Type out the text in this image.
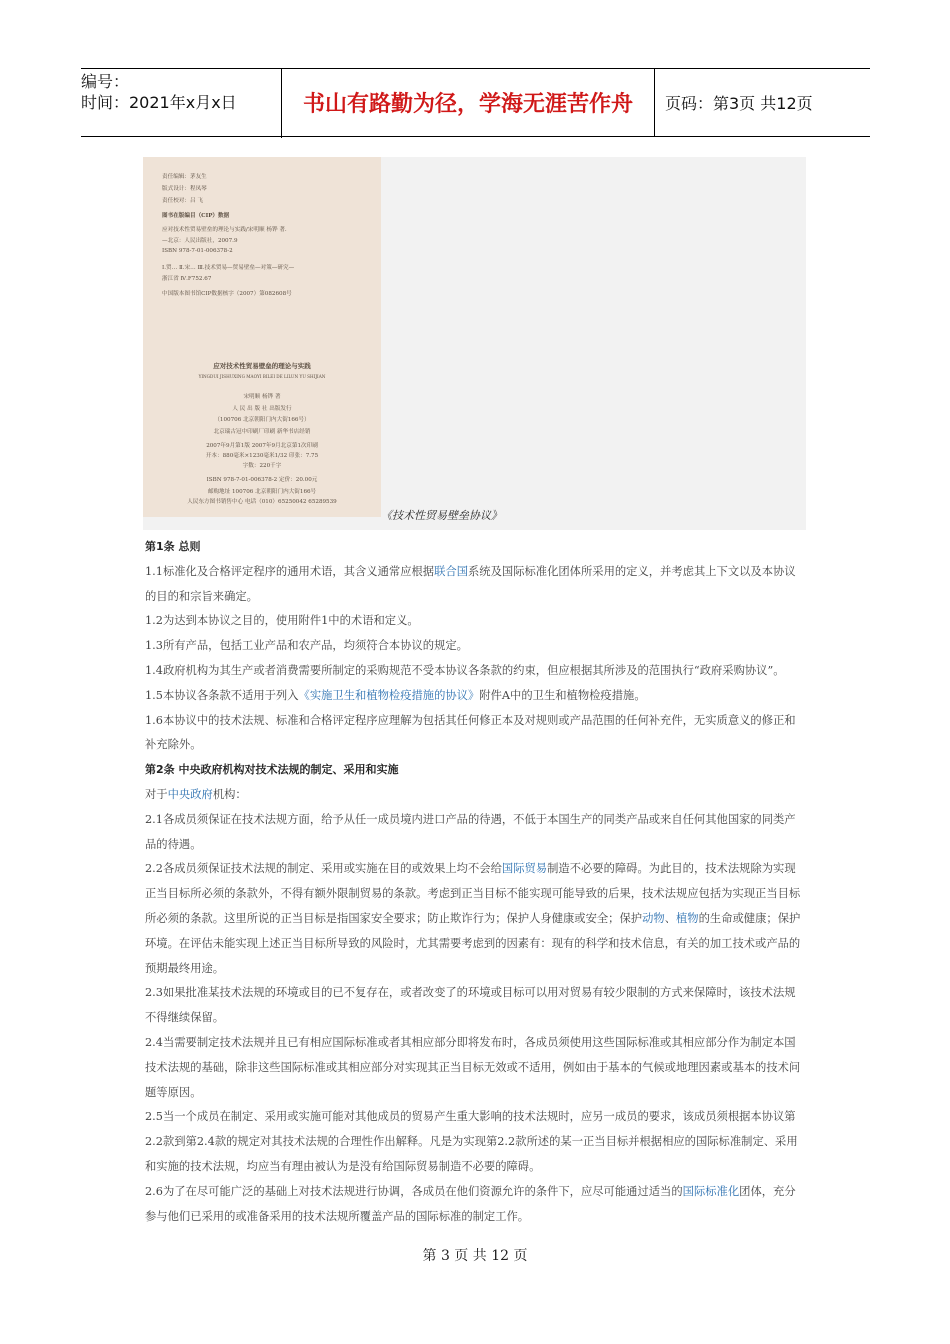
编号：
时间：2021年x月x日	书山有路勤为径，学海无涯苦作舟	页码：第3页 共12页
责任编辑：茅友生
版式设计：程凤琴
责任校对：吕 飞
图书在版编目（CIP）数据
应对技术性贸易壁垒的理论与实践/宋明顺 杨铧 著.
—北京：人民出版社，2007.9
ISBN 978-7-01-006378-2
Ⅰ.贸… Ⅱ.宋… Ⅲ.技术贸易—贸易壁垒—对策—研究—
浙江省 Ⅳ.F752.67
中国版本图书馆CIP数据核字（2007）第082608号
应对技术性贸易壁垒的理论与实践
YINGDUI JISHUXING MAOYI BILEI DE LILUN YU SHIJIAN
宋明顺 杨铧 著
人 民 出 版 社 出版发行
（100706 北京朝阳门内大街166号）
北京瑞古冠中印刷厂印刷 新华书店经销
2007年9月第1版 2007年9月北京第1次印刷
开本：880毫米×1230毫米1/32 印张：7.75
字数：220千字
ISBN 978-7-01-006378-2 定价：20.00元
邮购地址 100706 北京朝阳门内大街166号
人民东方图书销售中心 电话（010）65250042 65289539
《技术性贸易壁垒协议》

第1条 总则

1.1标准化及合格评定程序的通用术语，其含义通常应根据联合国系统及国际标准化团体所采用的定义，并考虑其上下文以及本协议的目的和宗旨来确定。

1.2为达到本协议之目的，使用附件1中的术语和定义。

1.3所有产品，包括工业产品和农产品，均须符合本协议的规定。

1.4政府机构为其生产或者消费需要所制定的采购规范不受本协议各条款的约束，但应根据其所涉及的范围执行“政府采购协议”。

1.5本协议各条款不适用于列入《实施卫生和植物检疫措施的协议》附件A中的卫生和植物检疫措施。

1.6本协议中的技术法规、标准和合格评定程序应理解为包括其任何修正本及对规则或产品范围的任何补充件，无实质意义的修正和补充除外。

第2条 中央政府机构对技术法规的制定、采用和实施

对于中央政府机构：

2.1各成员须保证在技术法规方面，给予从任一成员境内进口产品的待遇，不低于本国生产的同类产品或来自任何其他国家的同类产品的待遇。

2.2各成员须保证技术法规的制定、采用或实施在目的或效果上均不会给国际贸易制造不必要的障碍。为此目的，技术法规除为实现正当目标所必须的条款外，不得有额外限制贸易的条款。考虑到正当目标不能实现可能导致的后果，技术法规应包括为实现正当目标所必须的条款。这里所说的正当目标是指国家安全要求；防止欺诈行为；保护人身健康或安全；保护动物、植物的生命或健康；保护环境。在评估未能实现上述正当目标所导致的风险时，尤其需要考虑到的因素有：现有的科学和技术信息，有关的加工技术或产品的预期最终用途。

2.3如果批准某技术法规的环境或目的已不复存在，或者改变了的环境或目标可以用对贸易有较少限制的方式来保障时，该技术法规不得继续保留。

2.4当需要制定技术法规并且已有相应国际标准或者其相应部分即将发布时，各成员须使用这些国际标准或其相应部分作为制定本国技术法规的基础，除非这些国际标准或其相应部分对实现其正当目标无效或不适用，例如由于基本的气候或地理因素或基本的技术问题等原因。

2.5当一个成员在制定、采用或实施可能对其他成员的贸易产生重大影响的技术法规时，应另一成员的要求，该成员须根据本协议第2.2款到第2.4款的规定对其技术法规的合理性作出解释。凡是为实现第2.2款所述的某一正当目标并根据相应的国际标准制定、采用和实施的技术法规，均应当有理由被认为是没有给国际贸易制造不必要的障碍。

2.6为了在尽可能广泛的基础上对技术法规进行协调，各成员在他们资源允许的条件下，应尽可能通过适当的国际标准化团体，充分参与他们已采用的或准备采用的技术法规所覆盖产品的国际标准的制定工作。

第 3 页 共 12 页
